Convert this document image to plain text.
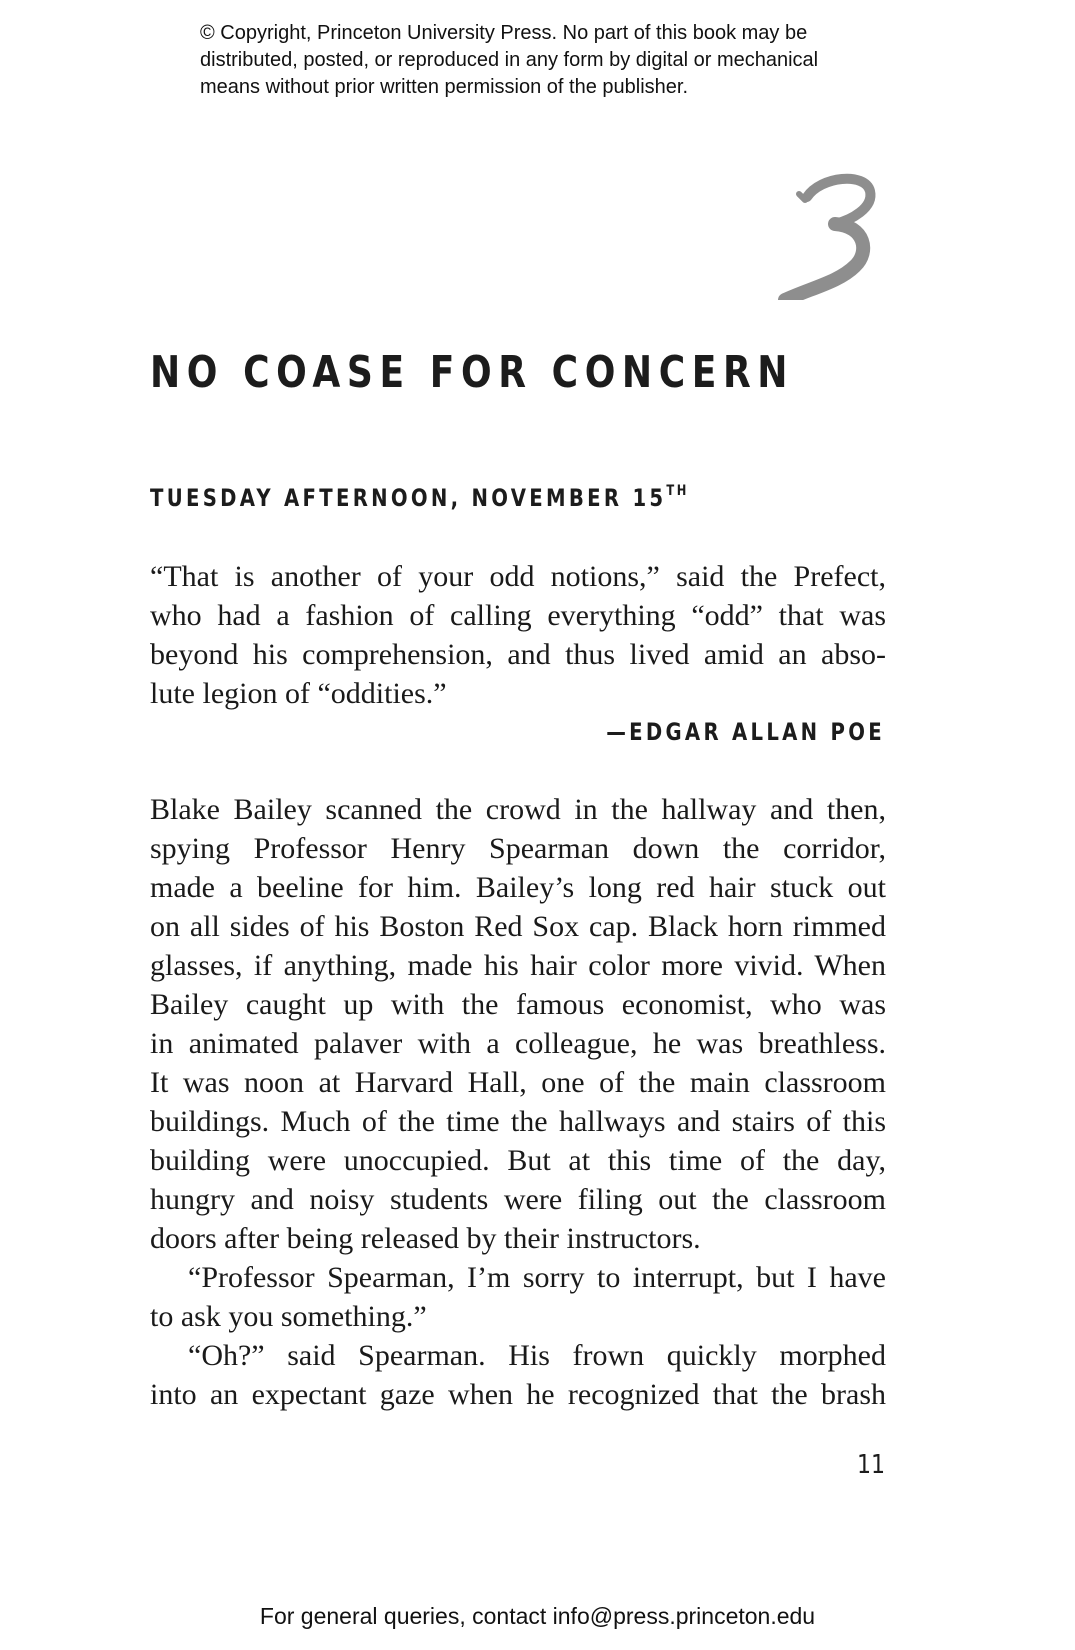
© Copyright, Princeton University Press. No part of this book may be
distributed, posted, or reproduced in any form by digital or mechanical
means without prior written permission of the publisher.
NO COASE FOR CONCERN
TUESDAY AFTERNOON, NOVEMBER 15TH
“That is another of your odd notions,” said the Prefect,
who had a fashion of calling everything “odd” that was
beyond his comprehension, and thus lived amid an abso-
lute legion of “oddities.”
—EDGAR ALLAN POE
Blake Bailey scanned the crowd in the hallway and then,
spying Professor Henry Spearman down the corridor,
made a beeline for him. Bailey’s long red hair stuck out
on all sides of his Boston Red Sox cap. Black horn rimmed
glasses, if anything, made his hair color more vivid. When
Bailey caught up with the famous economist, who was
in animated palaver with a colleague, he was breathless.
It was noon at Harvard Hall, one of the main classroom
buildings. Much of the time the hallways and stairs of this
building were unoccupied. But at this time of the day,
hungry and noisy students were filing out the classroom
doors after being released by their instructors.
“Professor Spearman, I’m sorry to interrupt, but I have
to ask you something.”
“Oh?” said Spearman. His frown quickly morphed
into an expectant gaze when he recognized that the brash
11
For general queries, contact info@press.princeton.edu
